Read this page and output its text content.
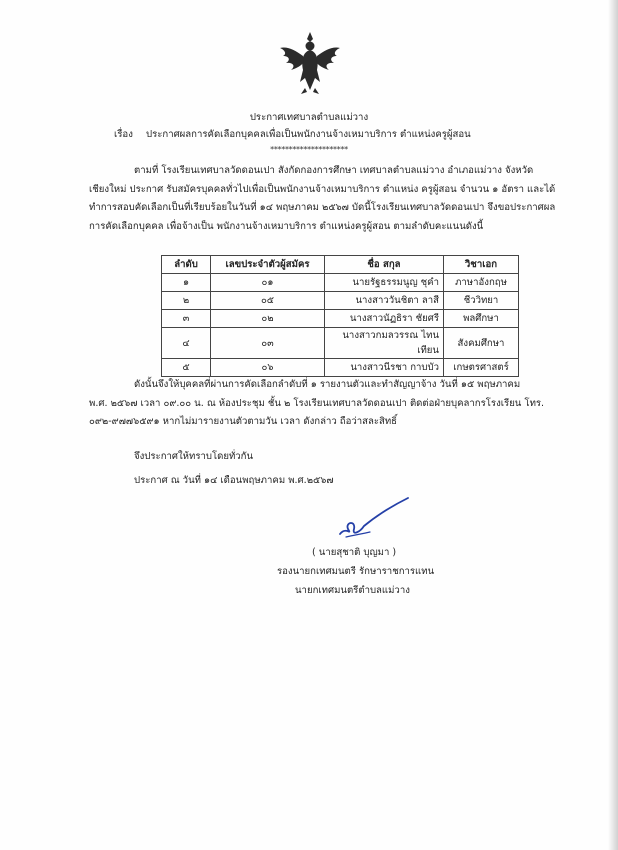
ประกาศเทศบาลตำบลแม่วาง
เรื่อง ประกาศผลการคัดเลือกบุคคลเพื่อเป็นพนักงานจ้างเหมาบริการ ตำแหน่งครูผู้สอน
*********************
ตามที่ โรงเรียนเทศบาลวัดดอนเปา สังกัดกองการศึกษา เทศบาลตำบลแม่วาง อำเภอแม่วาง จังหวัด
เชียงใหม่ ประกาศ รับสมัครบุคคลทั่วไปเพื่อเป็นพนักงานจ้างเหมาบริการ ตำแหน่ง ครูผู้สอน จำนวน ๑ อัตรา และได้
ทำการสอบคัดเลือกเป็นที่เรียบร้อยในวันที่ ๑๔ พฤษภาคม ๒๕๖๗ บัดนี้โรงเรียนเทศบาลวัดดอนเปา จึงขอประกาศผล
การคัดเลือกบุคคล เพื่อจ้างเป็น พนักงานจ้างเหมาบริการ ตำแหน่งครูผู้สอน ตามลำดับคะแนนดังนี้
ลำดับ	เลขประจำตัวผู้สมัคร	ชื่อ สกุล	วิชาเอก
๑	๐๑	นายรัฐธรรมนูญ ชุคำ	ภาษาอังกฤษ
๒	๐๕	นางสาววันชิตา ลาสี	ชีววิทยา
๓	๐๒	นางสาวนัฏธิรา ชัยศรี	พลศึกษา
๔	๐๓	นางสาวกมลวรรณ ไทนเทียน	สังคมศึกษา
๕	๐๖	นางสาวนีรชา กาบบัว	เกษตรศาสตร์
ดังนั้นจึงให้บุคคลที่ผ่านการคัดเลือกลำดับที่ ๑ รายงานตัวและทำสัญญาจ้าง วันที่ ๑๕ พฤษภาคม
พ.ศ. ๒๕๖๗ เวลา ๐๙.๐๐ น. ณ ห้องประชุม ชั้น ๒ โรงเรียนเทศบาลวัดดอนเปา ติดต่อฝ่ายบุคลากรโรงเรียน โทร.
๐๙๒-๙๗๗๖๕๙๑ หากไม่มารายงานตัวตามวัน เวลา ดังกล่าว ถือว่าสละสิทธิ์
จึงประกาศให้ทราบโดยทั่วกัน
ประกาศ ณ วันที่ ๑๔ เดือนพฤษภาคม พ.ศ.๒๕๖๗
( นายสุชาติ บุญมา )
รองนายกเทศมนตรี รักษาราชการแทน
นายกเทศมนตรีตำบลแม่วาง
